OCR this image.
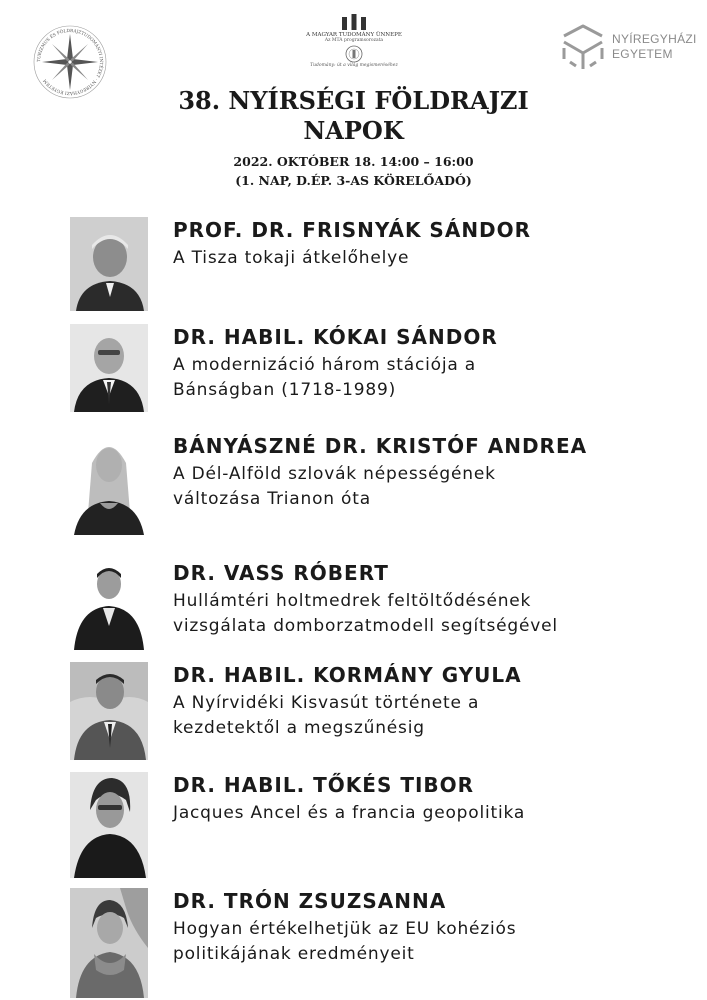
TURIZMUS ÉS FÖLDRAJZTUDOMÁNYI INTÉZET · NYÍREGYHÁZI EGYETEM
A MAGYAR TUDOMÁNY ÜNNEPE
Az MTA programsorozata
Tudomány: út a világ megismeréséhez
NYÍREGYHÁZI
EGYETEM
38. NYÍRSÉGI FÖLDRAJZI
NAPOK
2022. OKTÓBER 18. 14:00 – 16:00
(1. NAP, D.ÉP. 3-AS KÖRELŐADÓ)
PROF. DR. FRISNYÁK SÁNDOR
A Tisza tokaji átkelőhelye
DR. HABIL. KÓKAI SÁNDOR
A modernizáció három stációja a
Bánságban (1718-1989)
BÁNYÁSZNÉ DR. KRISTÓF ANDREA
A Dél-Alföld szlovák népességének
változása Trianon óta
DR. VASS RÓBERT
Hullámtéri holtmedrek feltöltődésének
vizsgálata domborzatmodell segítségével
DR. HABIL. KORMÁNY GYULA
A Nyírvidéki Kisvasút története a
kezdetektől a megszűnésig
DR. HABIL. TŐKÉS TIBOR
Jacques Ancel és a francia geopolitika
DR. TRÓN ZSUZSANNA
Hogyan értékelhetjük az EU kohéziós
politikájának eredményeit
